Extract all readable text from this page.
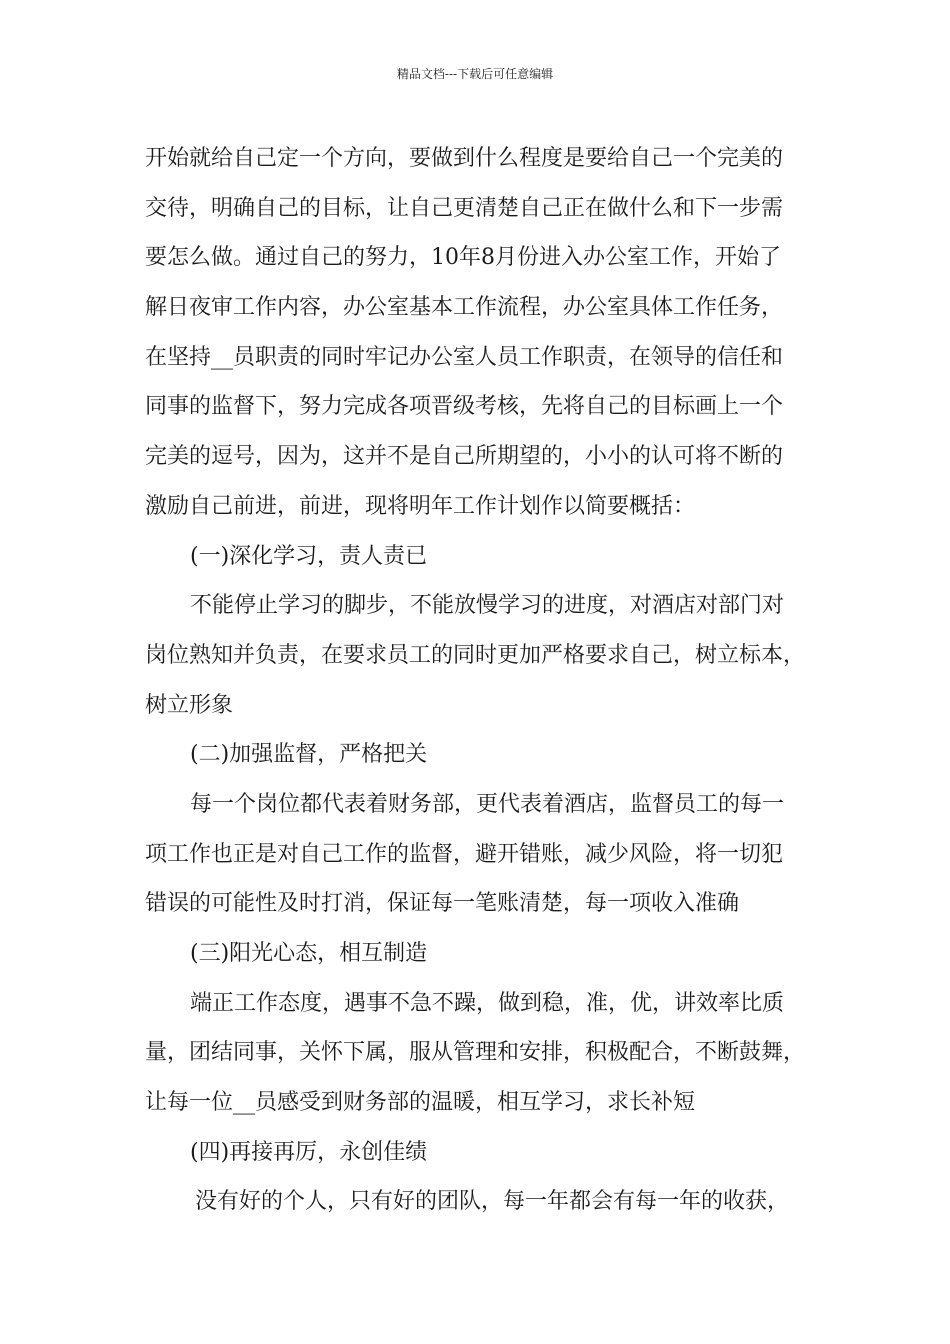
精品文档---下载后可任意编辑
开始就给自己定一个方向，要做到什么程度是要给自己一个完美的
交待，明确自己的目标，让自己更清楚自己正在做什么和下一步需
要怎么做。通过自己的努力，10年8月份进入办公室工作，开始了
解日夜审工作内容，办公室基本工作流程，办公室具体工作任务，
在坚持__员职责的同时牢记办公室人员工作职责，在领导的信任和
同事的监督下，努力完成各项晋级考核，先将自己的目标画上一个
完美的逗号，因为，这并不是自己所期望的，小小的认可将不断的
激励自己前进，前进，现将明年工作计划作以简要概括：
(一)深化学习，责人责已
不能停止学习的脚步，不能放慢学习的进度，对酒店对部门对
岗位熟知并负责，在要求员工的同时更加严格要求自己，树立标本，
树立形象
(二)加强监督，严格把关
每一个岗位都代表着财务部，更代表着酒店，监督员工的每一
项工作也正是对自己工作的监督，避开错账，减少风险，将一切犯
错误的可能性及时打消，保证每一笔账清楚，每一项收入准确
(三)阳光心态，相互制造
端正工作态度，遇事不急不躁，做到稳，准，优，讲效率比质
量，团结同事，关怀下属，服从管理和安排，积极配合，不断鼓舞，
让每一位__员感受到财务部的温暖，相互学习，求长补短
(四)再接再厉，永创佳绩
没有好的个人，只有好的团队，每一年都会有每一年的收获，
